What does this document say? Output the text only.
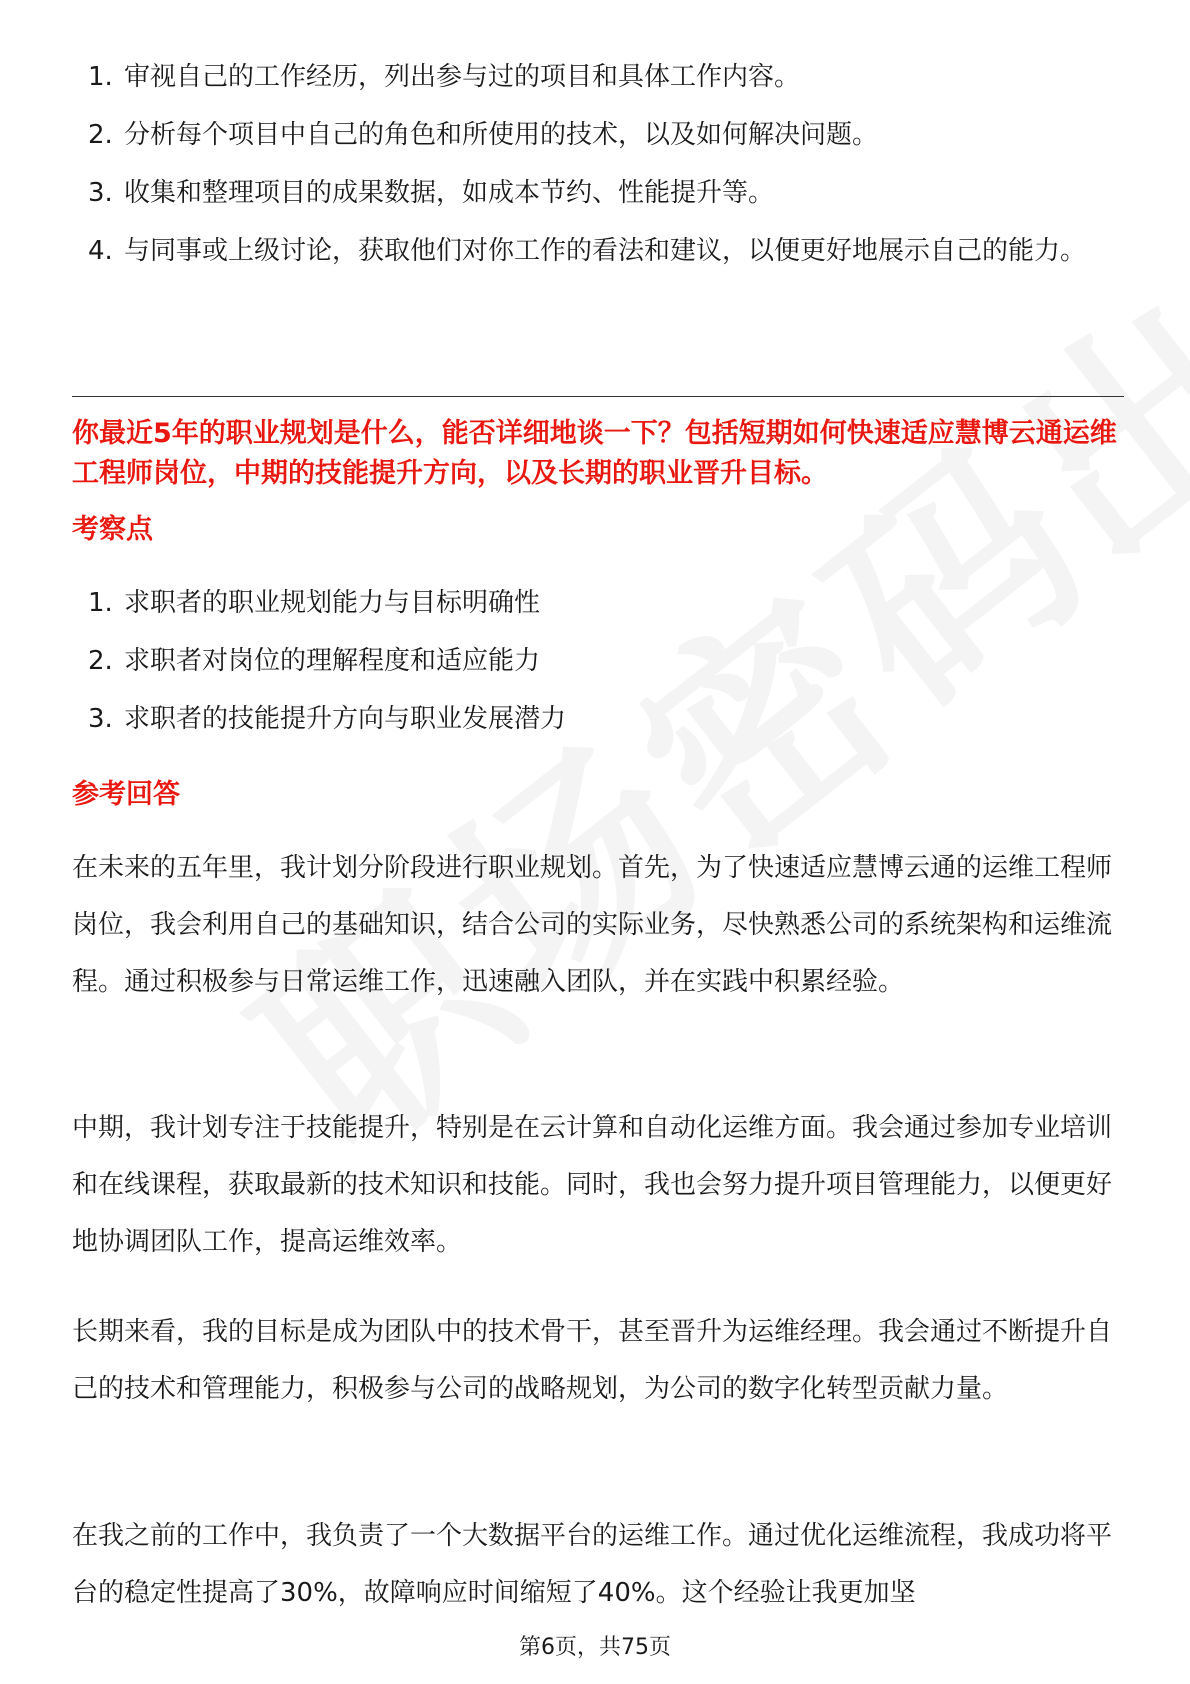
1. 审视自己的工作经历，列出参与过的项目和具体工作内容。
2. 分析每个项目中自己的角色和所使用的技术，以及如何解决问题。
3. 收集和整理项目的成果数据，如成本节约、性能提升等。
4. 与同事或上级讨论，获取他们对你工作的看法和建议，以便更好地展示自己的能力。
你最近5年的职业规划是什么，能否详细地谈一下？包括短期如何快速适应慧博云通运维工程师岗位，中期的技能提升方向，以及长期的职业晋升目标。
考察点
1. 求职者的职业规划能力与目标明确性
2. 求职者对岗位的理解程度和适应能力
3. 求职者的技能提升方向与职业发展潜力
参考回答

在未来的五年里，我计划分阶段进行职业规划。首先，为了快速适应慧博云通的运维工程师岗位，我会利用自己的基础知识，结合公司的实际业务，尽快熟悉公司的系统架构和运维流程。通过积极参与日常运维工作，迅速融入团队，并在实践中积累经验。

中期，我计划专注于技能提升，特别是在云计算和自动化运维方面。我会通过参加专业培训和在线课程，获取最新的技术知识和技能。同时，我也会努力提升项目管理能力，以便更好地协调团队工作，提高运维效率。

长期来看，我的目标是成为团队中的技术骨干，甚至晋升为运维经理。我会通过不断提升自己的技术和管理能力，积极参与公司的战略规划，为公司的数字化转型贡献力量。

在我之前的工作中，我负责了一个大数据平台的运维工作。通过优化运维流程，我成功将平台的稳定性提高了30%，故障响应时间缩短了40%。这个经验让我更加坚

第6页，共75页
